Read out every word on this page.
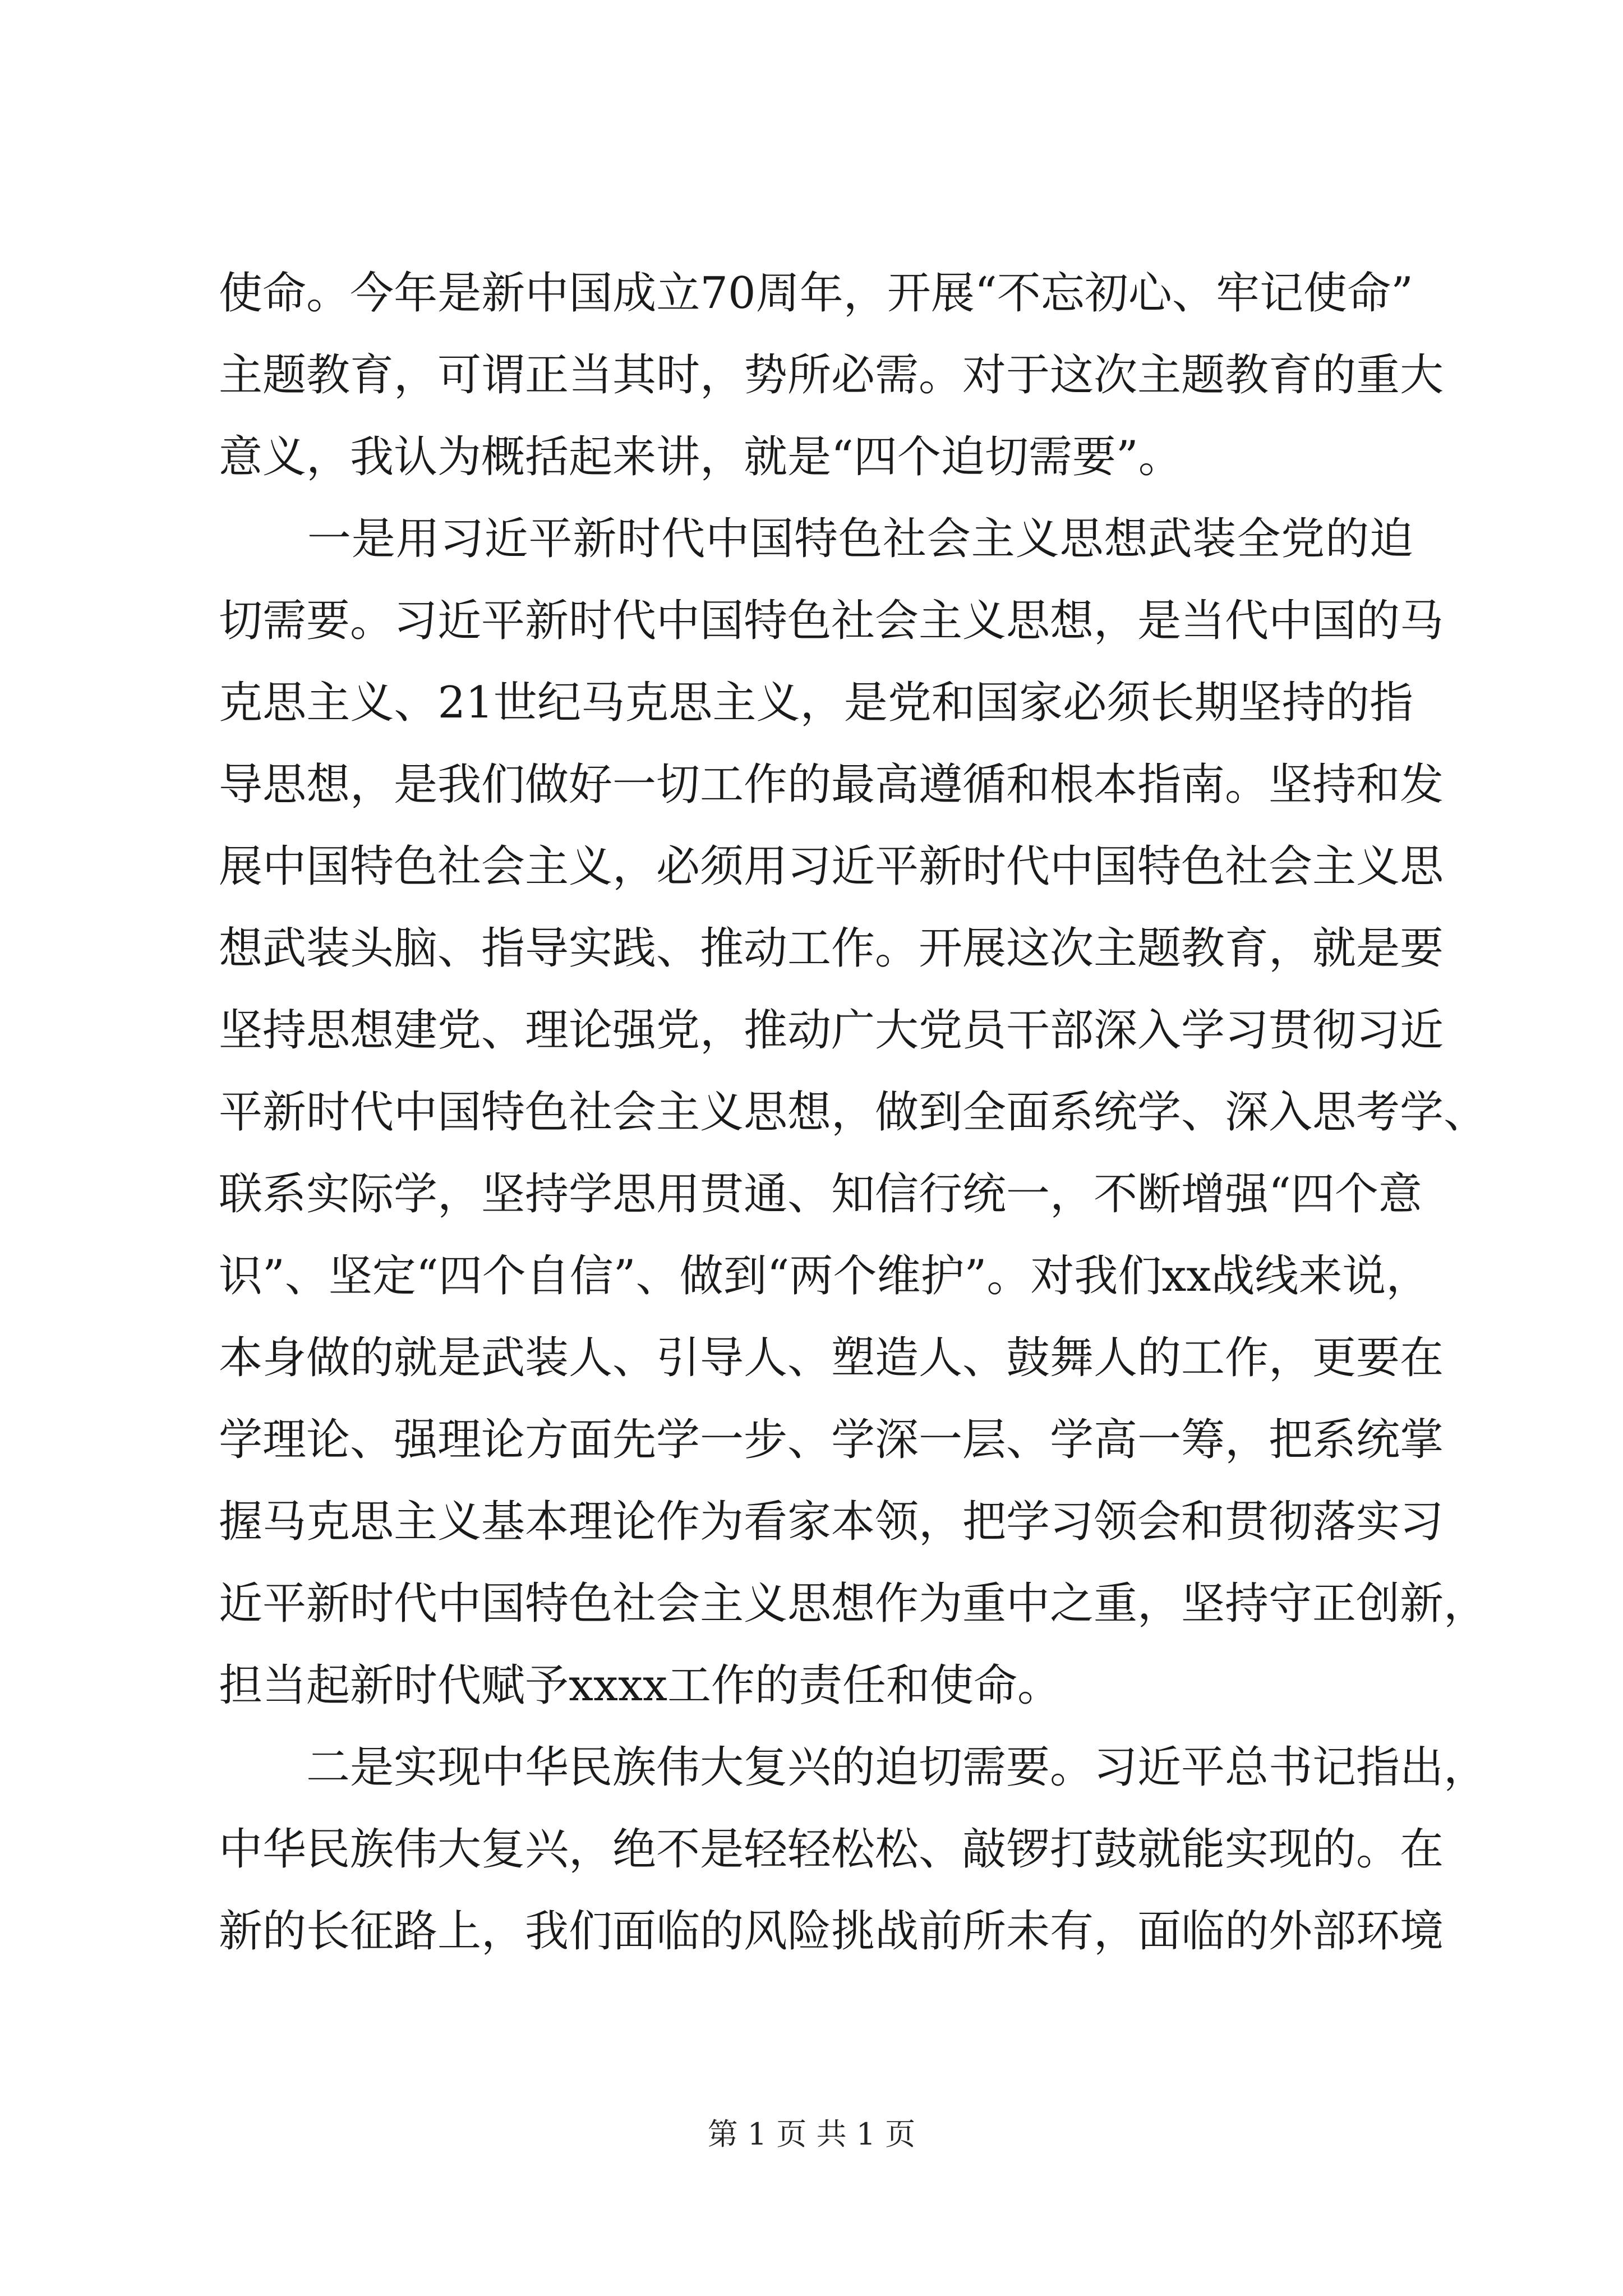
使命。今年是新中国成立70周年，开展“不忘初心、牢记使命”
主题教育，可谓正当其时，势所必需。对于这次主题教育的重大
意义，我认为概括起来讲，就是“四个迫切需要”。
　　一是用习近平新时代中国特色社会主义思想武装全党的迫
切需要。习近平新时代中国特色社会主义思想，是当代中国的马
克思主义、21世纪马克思主义，是党和国家必须长期坚持的指
导思想，是我们做好一切工作的最高遵循和根本指南。坚持和发
展中国特色社会主义，必须用习近平新时代中国特色社会主义思
想武装头脑、指导实践、推动工作。开展这次主题教育，就是要
坚持思想建党、理论强党，推动广大党员干部深入学习贯彻习近
平新时代中国特色社会主义思想，做到全面系统学、深入思考学、
联系实际学，坚持学思用贯通、知信行统一，不断增强“四个意
识”、坚定“四个自信”、做到“两个维护”。对我们xx战线来说，
本身做的就是武装人、引导人、塑造人、鼓舞人的工作，更要在
学理论、强理论方面先学一步、学深一层、学高一筹，把系统掌
握马克思主义基本理论作为看家本领，把学习领会和贯彻落实习
近平新时代中国特色社会主义思想作为重中之重，坚持守正创新，
担当起新时代赋予xxxx工作的责任和使命。
　　二是实现中华民族伟大复兴的迫切需要。习近平总书记指出，
中华民族伟大复兴，绝不是轻轻松松、敲锣打鼓就能实现的。在
新的长征路上，我们面临的风险挑战前所未有，面临的外部环境
第 1 页 共 1 页
